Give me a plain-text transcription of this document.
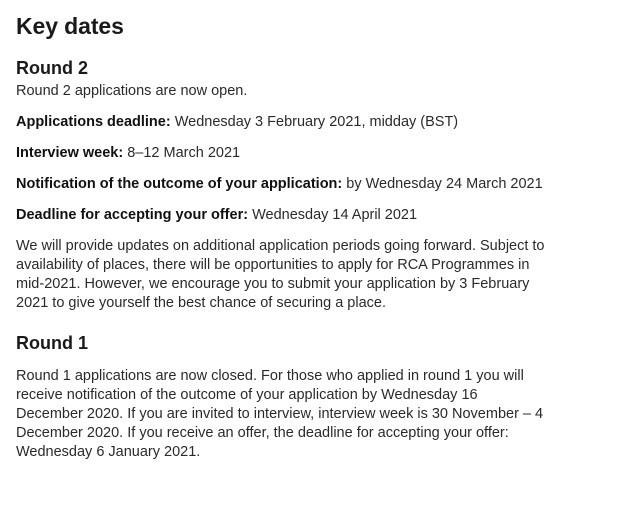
Key dates
Round 2

Round 2 applications are now open.

Applications deadline: Wednesday 3 February 2021, midday (BST)

Interview week: 8–12 March 2021

Notification of the outcome of your application: by Wednesday 24 March 2021

Deadline for accepting your offer: Wednesday 14 April 2021

We will provide updates on additional application periods going forward. Subject to availability of places, there will be opportunities to apply for RCA Programmes in mid-2021. However, we encourage you to submit your application by 3 February 2021 to give yourself the best chance of securing a place.

Round 1

Round 1 applications are now closed. For those who applied in round 1 you will receive notification of the outcome of your application by Wednesday 16 December 2020. If you are invited to interview, interview week is 30 November – 4 December 2020. If you receive an offer, the deadline for accepting your offer: Wednesday 6 January 2021.
